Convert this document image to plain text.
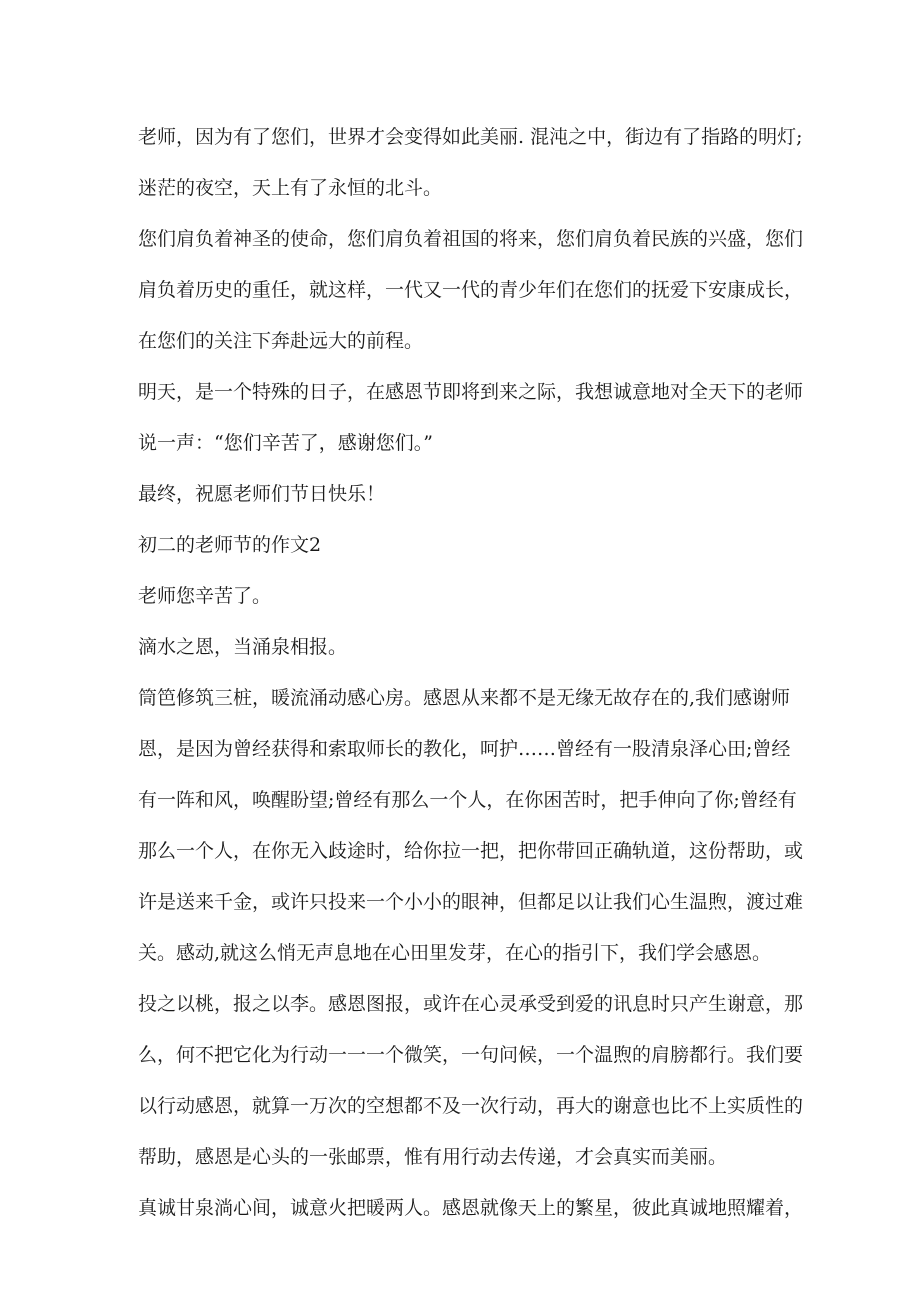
老师，因为有了您们，世界才会变得如此美丽. 混沌之中，街边有了指路的明灯;
迷茫的夜空，天上有了永恒的北斗。
您们肩负着神圣的使命，您们肩负着祖国的将来，您们肩负着民族的兴盛，您们
肩负着历史的重任，就这样，一代又一代的青少年们在您们的抚爱下安康成长，
在您们的关注下奔赴远大的前程。
明天，是一个特殊的日子，在感恩节即将到来之际，我想诚意地对全天下的老师
说一声：“您们辛苦了，感谢您们。”
最终，祝愿老师们节日快乐！
初二的老师节的作文2
老师您辛苦了。
滴水之恩，当涌泉相报。
筒笆修筑三桩，暖流涌动感心房。感恩从来都不是无缘无故存在的,我们感谢师
恩，是因为曾经获得和索取师长的教化，呵护……曾经有一股清泉泽心田;曾经
有一阵和风，唤醒盼望;曾经有那么一个人，在你困苦时，把手伸向了你;曾经有
那么一个人，在你无入歧途时，给你拉一把，把你带回正确轨道，这份帮助，或
许是送来千金，或许只投来一个小小的眼神，但都足以让我们心生温煦，渡过难
关。感动,就这么悄无声息地在心田里发芽，在心的指引下，我们学会感恩。
投之以桃，报之以李。感恩图报，或许在心灵承受到爱的讯息时只产生谢意，那
么，何不把它化为行动一一一个微笑，一句问候，一个温煦的肩膀都行。我们要
以行动感恩，就算一万次的空想都不及一次行动，再大的谢意也比不上实质性的
帮助，感恩是心头的一张邮票，惟有用行动去传递，才会真实而美丽。
真诚甘泉淌心间，诚意火把暖两人。感恩就像天上的繁星，彼此真诚地照耀着，
